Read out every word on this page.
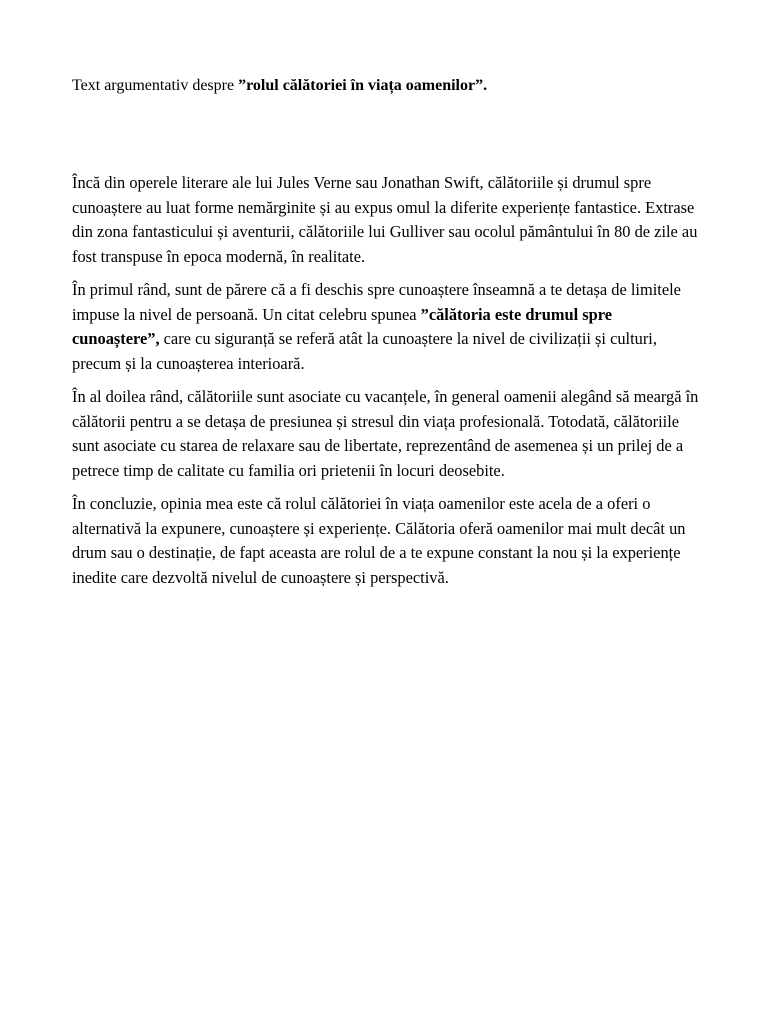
Text argumentativ despre ”rolul călătoriei în viața oamenilor”.

Încă din operele literare ale lui Jules Verne sau Jonathan Swift, călătoriile și drumul spre cunoaștere au luat forme nemărginite și au expus omul la diferite experiențe fantastice. Extrase din zona fantasticului și aventurii, călătoriile lui Gulliver sau ocolul pământului în 80 de zile au fost transpuse în epoca modernă, în realitate.

În primul rând, sunt de părere că a fi deschis spre cunoaștere înseamnă a te detașa de limitele impuse la nivel de persoană. Un citat celebru spunea ”călătoria este drumul spre cunoaștere”, care cu siguranță se referă atât la cunoaștere la nivel de civilizații și culturi, precum și la cunoașterea interioară.

În al doilea rând, călătoriile sunt asociate cu vacanțele, în general oamenii alegând să meargă în călătorii pentru a se detașa de presiunea și stresul din viața profesională. Totodată, călătoriile sunt asociate cu starea de relaxare sau de libertate, reprezentând de asemenea și un prilej de a petrece timp de calitate cu familia ori prietenii în locuri deosebite.

În concluzie, opinia mea este că rolul călătoriei în viața oamenilor este acela de a oferi o alternativă la expunere, cunoaștere și experiențe. Călătoria oferă oamenilor mai mult decât un drum sau o destinație, de fapt aceasta are rolul de a te expune constant la nou și la experiențe inedite care dezvoltă nivelul de cunoaștere și perspectivă.
